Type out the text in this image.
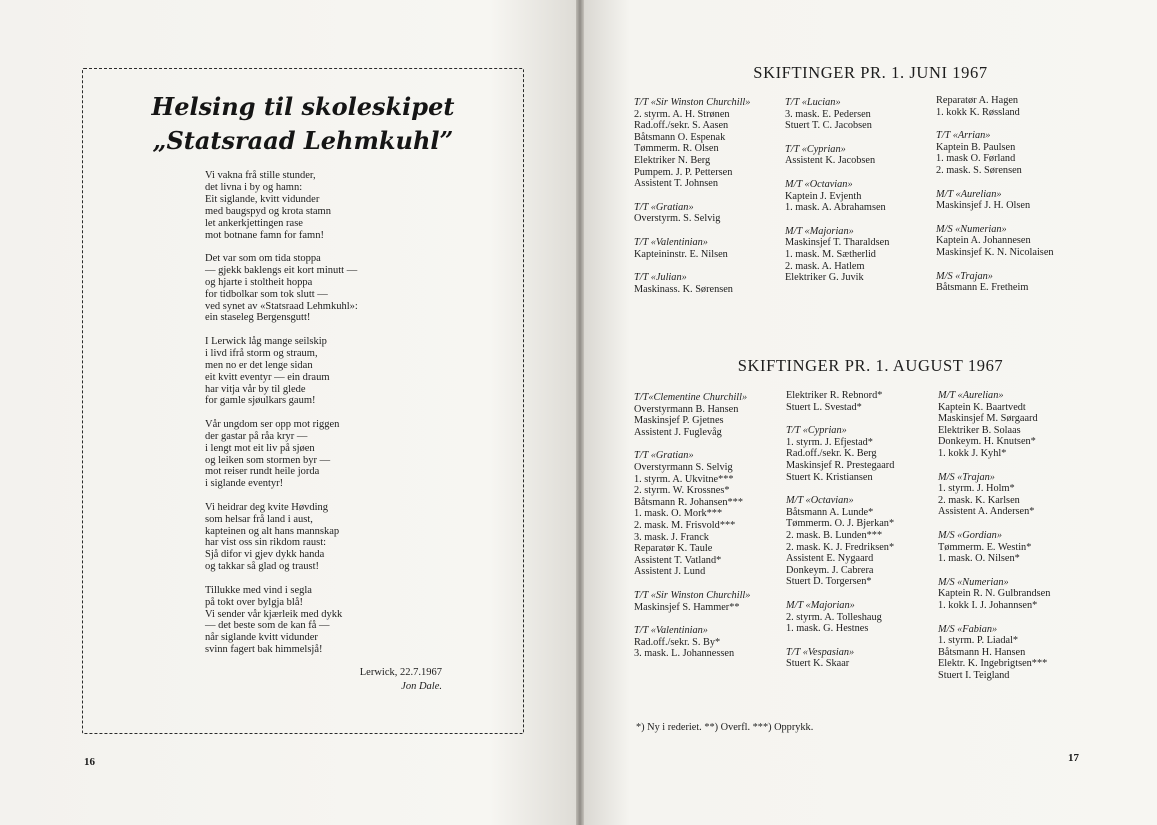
Helsing til skoleskipet
„Statsraad Lehmkuhl”
Vi vakna frå stille stunder,
det livna i by og hamn:
Eit siglande, kvitt vidunder
med baugspyd og krota stamn
let ankerkjettingen rase
mot botnane famn for famn!
Det var som om tida stoppa
— gjekk baklengs eit kort minutt —
og hjarte i stoltheit hoppa
for tidbolkar som tok slutt —
ved synet av «Statsraad Lehmkuhl»:
ein staseleg Bergensgutt!
I Lerwick låg mange seilskip
i livd ifrå storm og straum,
men no er det lenge sidan
eit kvitt eventyr — ein draum
har vitja vår by til glede
for gamle sjøulkars gaum!
Vår ungdom ser opp mot riggen
der gastar på råa kryr —
i lengt mot eit liv på sjøen
og leiken som stormen byr —
mot reiser rundt heile jorda
i siglande eventyr!
Vi heidrar deg kvite Høvding
som helsar frå land i aust,
kapteinen og alt hans mannskap
har vist oss sin rikdom raust:
Sjå difor vi gjev dykk handa
og takkar så glad og traust!
Tillukke med vind i segla
på tokt over bylgja blå!
Vi sender vår kjærleik med dykk
— det beste som de kan få —
når siglande kvitt vidunder
svinn fagert bak himmelsjå!
Lerwick, 22.7.1967
Jon Dale.
16
SKIFTINGER PR. 1. JUNI 1967
T/T «Sir Winston Churchill»
2. styrm. A. H. Strønen
Rad.off./sekr. S. Aasen
Båtsmann O. Espenak
Tømmerm. R. Olsen
Elektriker N. Berg
Pumpem. J. P. Pettersen
Assistent T. Johnsen
T/T «Gratian»
Overstyrm. S. Selvig
T/T «Valentinian»
Kapteininstr. E. Nilsen
T/T «Julian»
Maskinass. K. Sørensen
T/T «Lucian»
3. mask. E. Pedersen
Stuert T. C. Jacobsen
T/T «Cyprian»
Assistent K. Jacobsen
M/T «Octavian»
Kaptein J. Evjenth
1. mask. A. Abrahamsen
M/T «Majorian»
Maskinsjef T. Tharaldsen
1. mask. M. Sætherlid
2. mask. A. Hatlem
Elektriker G. Juvik
Reparatør A. Hagen
1. kokk K. Røssland
T/T «Arrian»
Kaptein B. Paulsen
1. mask O. Førland
2. mask. S. Sørensen
M/T «Aurelian»
Maskinsjef J. H. Olsen
M/S «Numerian»
Kaptein A. Johannesen
Maskinsjef K. N. Nicolaisen
M/S «Trajan»
Båtsmann E. Fretheim
SKIFTINGER PR. 1. AUGUST 1967
T/T«Clementine Churchill»
Overstyrmann B. Hansen
Maskinsjef P. Gjetnes
Assistent J. Fuglevåg
T/T «Gratian»
Overstyrmann S. Selvig
1. styrm. A. Ukvitne***
2. styrm. W. Krossnes*
Båtsmann R. Johansen***
1. mask. O. Mork***
2. mask. M. Frisvold***
3. mask. J. Franck
Reparatør K. Taule
Assistent T. Vatland*
Assistent J. Lund
T/T «Sir Winston Churchill»
Maskinsjef S. Hammer**
T/T «Valentinian»
Rad.off./sekr. S. By*
3. mask. L. Johannessen
Elektriker R. Rebnord*
Stuert L. Svestad*
T/T «Cyprian»
1. styrm. J. Efjestad*
Rad.off./sekr. K. Berg
Maskinsjef R. Prestegaard
Stuert K. Kristiansen
M/T «Octavian»
Båtsmann A. Lunde*
Tømmerm. O. J. Bjerkan*
2. mask. B. Lunden***
2. mask. K. J. Fredriksen*
Assistent E. Nygaard
Donkeym. J. Cabrera
Stuert D. Torgersen*
M/T «Majorian»
2. styrm. A. Tolleshaug
1. mask. G. Hestnes
T/T «Vespasian»
Stuert K. Skaar
M/T «Aurelian»
Kaptein K. Baartvedt
Maskinsjef M. Sørgaard
Elektriker B. Solaas
Donkeym. H. Knutsen*
1. kokk J. Kyhl*
M/S «Trajan»
1. styrm. J. Holm*
2. mask. K. Karlsen
Assistent A. Andersen*
M/S «Gordian»
Tømmerm. E. Westin*
1. mask. O. Nilsen*
M/S «Numerian»
Kaptein R. N. Gulbrandsen
1. kokk I. J. Johannsen*
M/S «Fabian»
1. styrm. P. Liadal*
Båtsmann H. Hansen
Elektr. K. Ingebrigtsen***
Stuert I. Teigland
*) Ny i rederiet. **) Overfl. ***) Opprykk.
17
